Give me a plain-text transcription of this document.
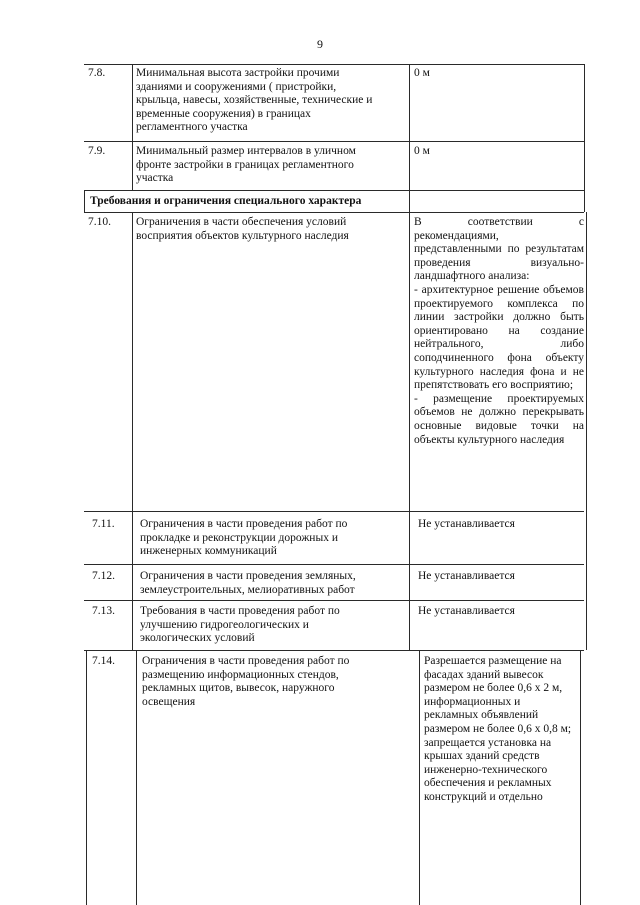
9
7.8.	Минимальная высота застройки прочими
зданиями и сооружениями ( пристройки,
крыльца, навесы, хозяйственные, технические и
временные сооружения) в границах
регламентного участка
0 м
7.9.	Минимальный размер интервалов в уличном
фронте застройки в границах регламентного
участка
0 м
Требования и ограничения специального характера
7.10. Ограничения в части обеспечения условий
восприятия объектов культурного наследия
В соответствии с рекомендациями, представленными по результатам проведения визуально-ландшафтного анализа:
- архитектурное решение объемов проектируемого комплекса по линии застройки должно быть ориентировано на создание нейтрального, либо соподчиненного фона объекту культурного наследия фона и не препятствовать его восприятию;
- размещение проектируемых объемов не должно перекрывать основные видовые точки на объекты культурного наследия
7.11. Ограничения в части проведения работ по
прокладке и реконструкции дорожных и
инженерных коммуникаций
Не устанавливается
7.12. Ограничения в части проведения земляных,
землеустроительных, мелиоративных работ
Не устанавливается
7.13. Требования в части проведения работ по
улучшению гидрогеологических и
экологических условий
Не устанавливается
7.14. Ограничения в части проведения работ по
размещению информационных стендов,
рекламных щитов, вывесок, наружного
освещения
Разрешается размещение на
фасадах зданий вывесок
размером не более 0,6 х 2 м,
информационных и
рекламных объявлений
размером не более 0,6 х 0,8 м;
запрещается установка на
крышах зданий средств
инженерно-технического
обеспечения и рекламных
конструкций и отдельно
